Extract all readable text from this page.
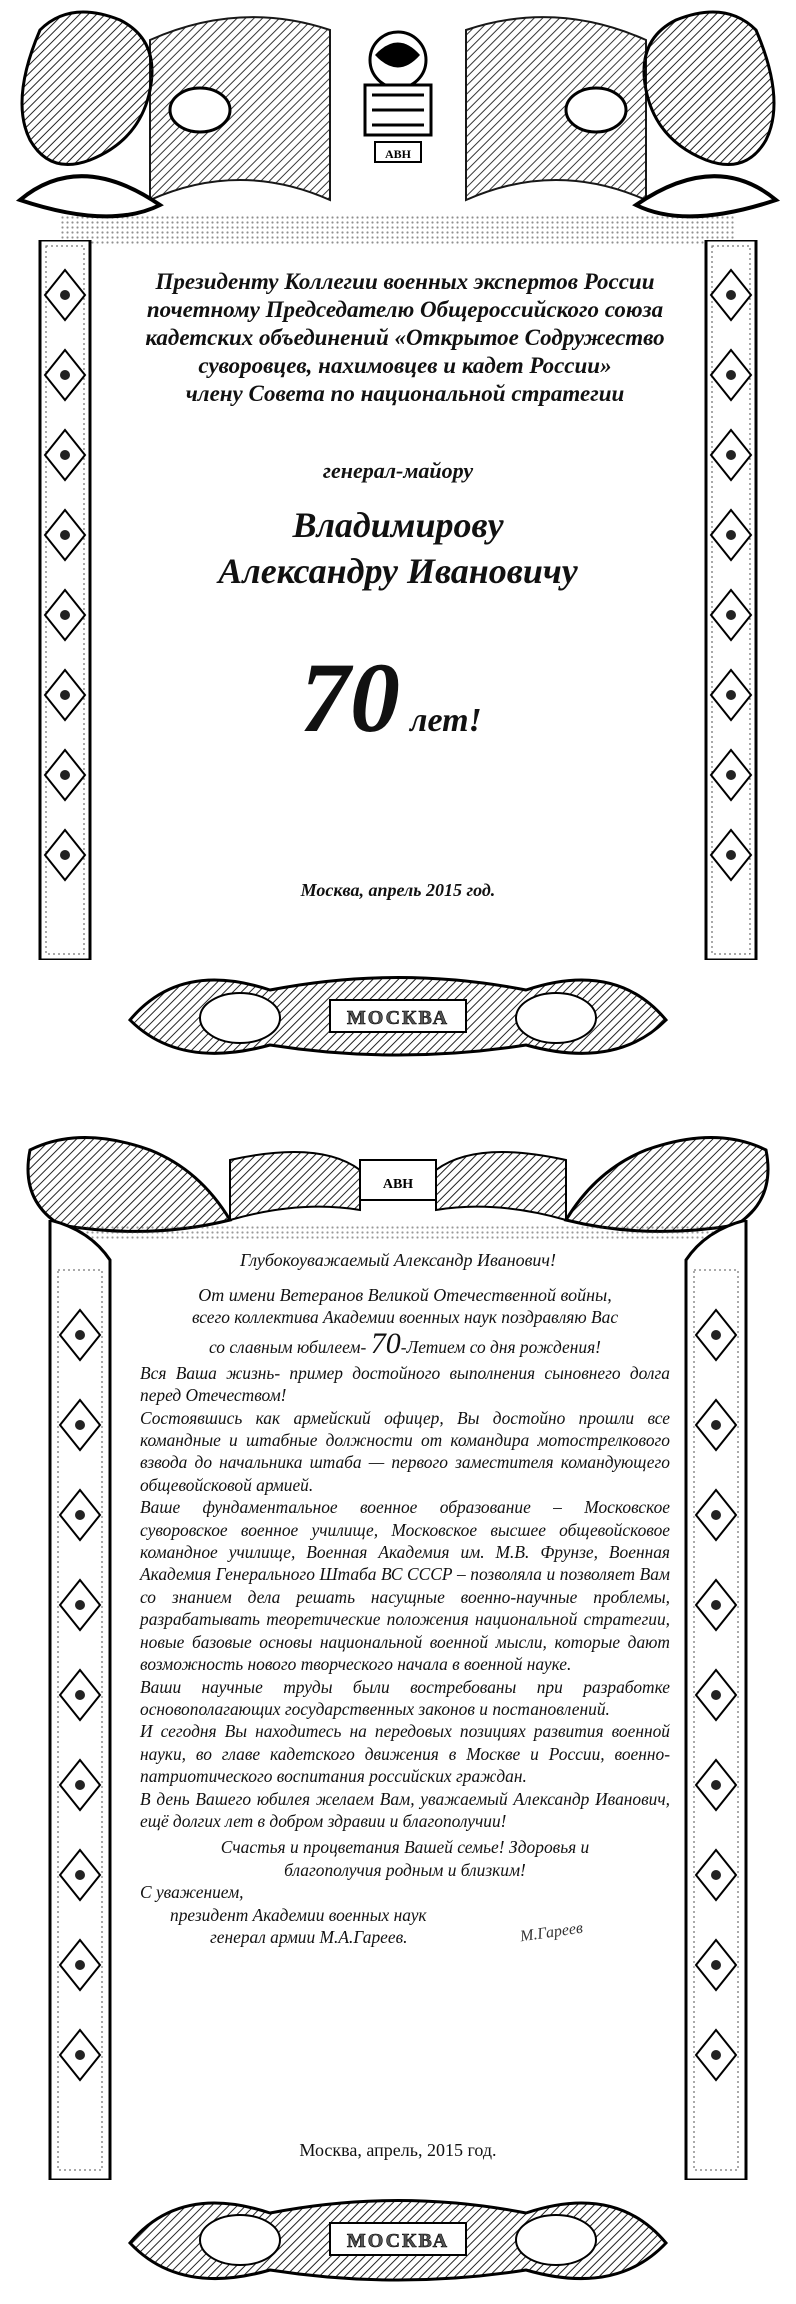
АВН
Президенту Коллегии военных экспертов России
почетному Председателю Общероссийского союза
кадетских объединений «Открытое Содружество
суворовцев, нахимовцев и кадет России»
члену Совета по национальной стратегии
генерал-майору
Владимирову
Александру Ивановичу
70 лет!
Москва, апрель 2015 год.
МОСКВА
АВН
Глубокоуважаемый Александр Иванович!
От имени Ветеранов Великой Отечественной войны,
всего коллектива Академии военных наук поздравляю Вас
со славным юбилеем- 70-Летием со дня рождения!

Вся Ваша жизнь- пример достойного выполнения сыновнего долга перед Отечеством!

Состоявшись как армейский офицер, Вы достойно прошли все командные и штабные должности от командира мотострелкового взвода до начальника штаба — первого заместителя командующего общевойсковой армией.

Ваше фундаментальное военное образование – Московское суворовское военное училище, Московское высшее общевойсковое командное училище, Военная Академия им. М.В. Фрунзе, Военная Академия Генерального Штаба ВС СССР – позволяла и позволяет Вам со знанием дела решать насущные военно-научные проблемы, разрабатывать теоретические положения национальной стратегии, новые базовые основы национальной военной мысли, которые дают возможность нового творческого начала в военной науке.

Ваши научные труды были востребованы при разработке основополагающих государственных законов и постановлений.

И сегодня Вы находитесь на передовых позициях развития военной науки, во главе кадетского движения в Москве и России, военно-патриотического воспитания российских граждан.

В день Вашего юбилея желаем Вам, уважаемый Александр Иванович, ещё долгих лет в добром здравии и благополучии!

Счастья и процветания Вашей семье! Здоровья и
благополучия родным и близким!
С уважением,
президент Академии военных наук
генерал армии М.А.Гареев.	М.Гареев
Москва, апрель, 2015 год.
МОСКВА
